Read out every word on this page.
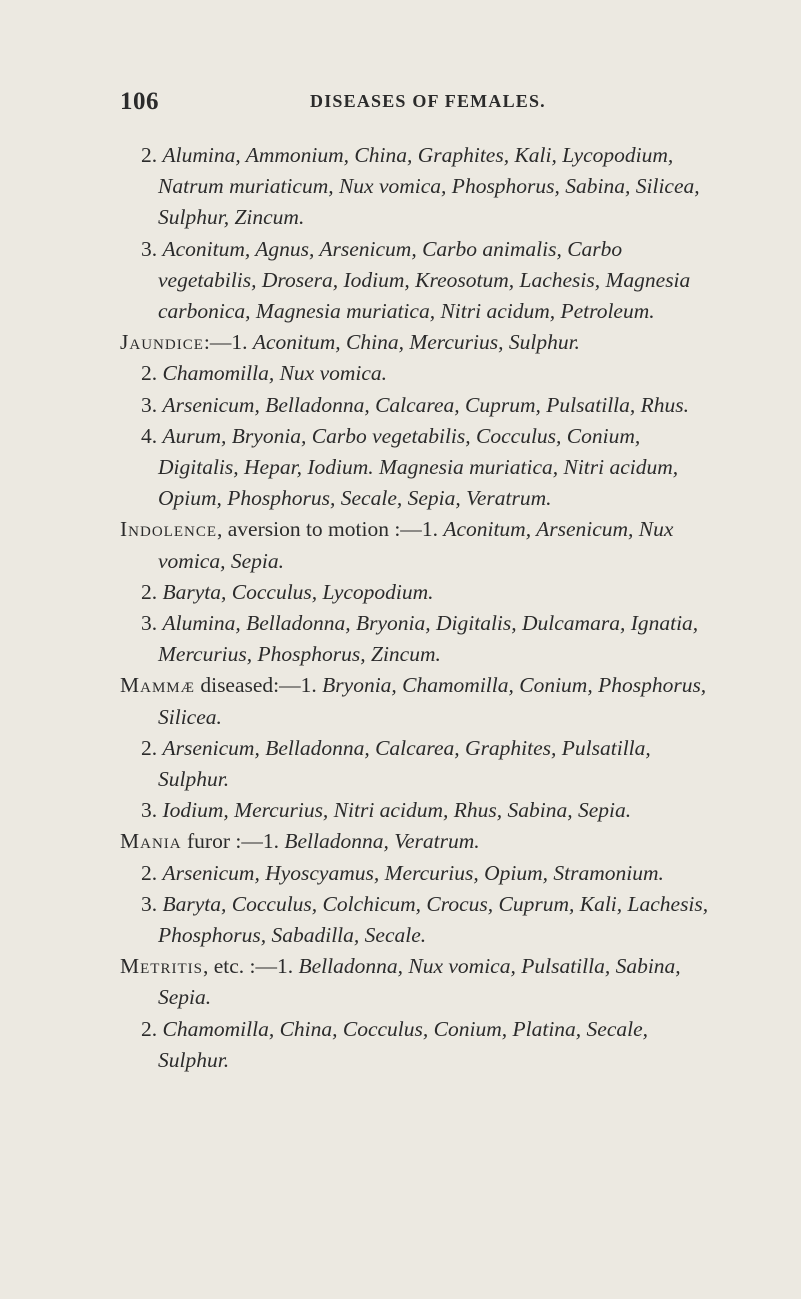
106	DISEASES OF FEMALES.

2. Alumina, Ammonium, China, Graphites, Kali, Lycopodium, Natrum muriaticum, Nux vomica, Phosphorus, Sabina, Silicea, Sulphur, Zincum.

3. Aconitum, Agnus, Arsenicum, Carbo animalis, Carbo vegetabilis, Drosera, Iodium, Kreosotum, Lachesis, Magnesia carbonica, Magnesia muriatica, Nitri acidum, Petroleum.

Jaundice:—1. Aconitum, China, Mercurius, Sulphur.

2. Chamomilla, Nux vomica.

3. Arsenicum, Belladonna, Calcarea, Cuprum, Pulsatilla, Rhus.

4. Aurum, Bryonia, Carbo vegetabilis, Cocculus, Conium, Digitalis, Hepar, Iodium. Magnesia muriatica, Nitri acidum, Opium, Phosphorus, Secale, Sepia, Veratrum.

Indolence, aversion to motion :—1. Aconitum, Arsenicum, Nux vomica, Sepia.

2. Baryta, Cocculus, Lycopodium.

3. Alumina, Belladonna, Bryonia, Digitalis, Dulcamara, Ignatia, Mercurius, Phosphorus, Zincum.

Mammæ diseased:—1. Bryonia, Chamomilla, Conium, Phosphorus, Silicea.

2. Arsenicum, Belladonna, Calcarea, Graphites, Pulsatilla, Sulphur.

3. Iodium, Mercurius, Nitri acidum, Rhus, Sabina, Sepia.

Mania furor :—1. Belladonna, Veratrum.

2. Arsenicum, Hyoscyamus, Mercurius, Opium, Stramonium.

3. Baryta, Cocculus, Colchicum, Crocus, Cuprum, Kali, Lachesis, Phosphorus, Sabadilla, Secale.

Metritis, etc. :—1. Belladonna, Nux vomica, Pulsatilla, Sabina, Sepia.

2. Chamomilla, China, Cocculus, Conium, Platina, Secale, Sulphur.
